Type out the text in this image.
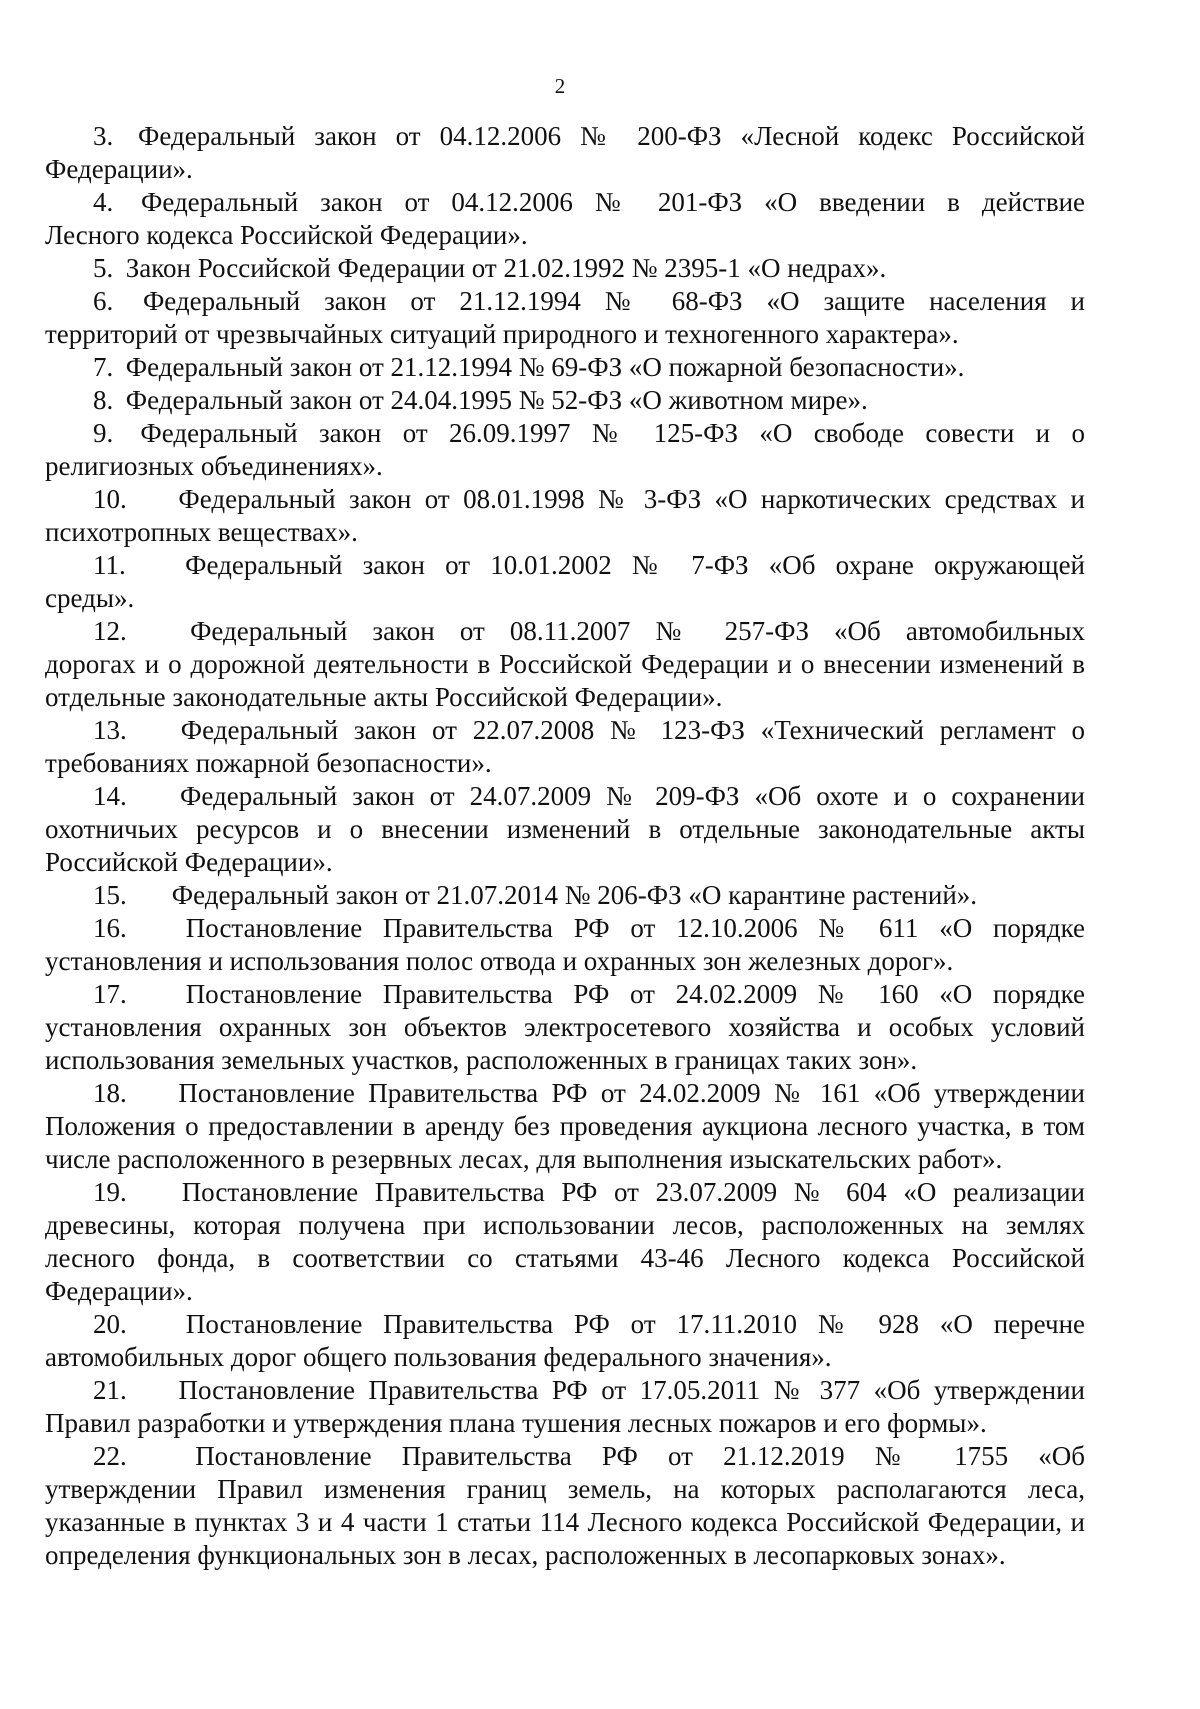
2
3. Федеральный закон от 04.12.2006 № 200-ФЗ «Лесной кодекс Российской
Федерации».
4. Федеральный закон от 04.12.2006 № 201-ФЗ «О введении в действие
Лесного кодекса Российской Федерации».
5. Закон Российской Федерации от 21.02.1992 № 2395-1 «О недрах».
6. Федеральный закон от 21.12.1994 № 68-ФЗ «О защите населения и
территорий от чрезвычайных ситуаций природного и техногенного характера».
7. Федеральный закон от 21.12.1994 № 69-ФЗ «О пожарной безопасности».
8. Федеральный закон от 24.04.1995 № 52-ФЗ «О животном мире».
9. Федеральный закон от 26.09.1997 № 125-ФЗ «О свободе совести и о
религиозных объединениях».
10. Федеральный закон от 08.01.1998 № 3-ФЗ «О наркотических средствах и
психотропных веществах».
11. Федеральный закон от 10.01.2002 № 7-ФЗ «Об охране окружающей
среды».
12. Федеральный закон от 08.11.2007 № 257-ФЗ «Об автомобильных
дорогах и о дорожной деятельности в Российской Федерации и о внесении изменений в отдельные законодательные акты Российской Федерации».
13. Федеральный закон от 22.07.2008 № 123-ФЗ «Технический регламент о
требованиях пожарной безопасности».
14. Федеральный закон от 24.07.2009 № 209-ФЗ «Об охоте и о сохранении
охотничьих ресурсов и о внесении изменений в отдельные законодательные акты Российской Федерации».
15. Федеральный закон от 21.07.2014 № 206-ФЗ «О карантине растений».
16. Постановление Правительства РФ от 12.10.2006 № 611 «О порядке
установления и использования полос отвода и охранных зон железных дорог».
17. Постановление Правительства РФ от 24.02.2009 № 160 «О порядке
установления охранных зон объектов электросетевого хозяйства и особых условий использования земельных участков, расположенных в границах таких зон».
18. Постановление Правительства РФ от 24.02.2009 № 161 «Об утверждении
Положения о предоставлении в аренду без проведения аукциона лесного участка, в том числе расположенного в резервных лесах, для выполнения изыскательских работ».
19. Постановление Правительства РФ от 23.07.2009 № 604 «О реализации
древесины, которая получена при использовании лесов, расположенных на землях лесного фонда, в соответствии со статьями 43-46 Лесного кодекса Российской Федерации».
20. Постановление Правительства РФ от 17.11.2010 № 928 «О перечне
автомобильных дорог общего пользования федерального значения».
21. Постановление Правительства РФ от 17.05.2011 № 377 «Об утверждении
Правил разработки и утверждения плана тушения лесных пожаров и его формы».
22.	Постановление Правительства РФ от 21.12.2019 № 1755 «Об
утверждении Правил изменения границ земель, на которых располагаются леса, указанные в пунктах 3 и 4 части 1 статьи 114 Лесного кодекса Российской Федерации, и определения функциональных зон в лесах, расположенных в лесопарковых зонах».
